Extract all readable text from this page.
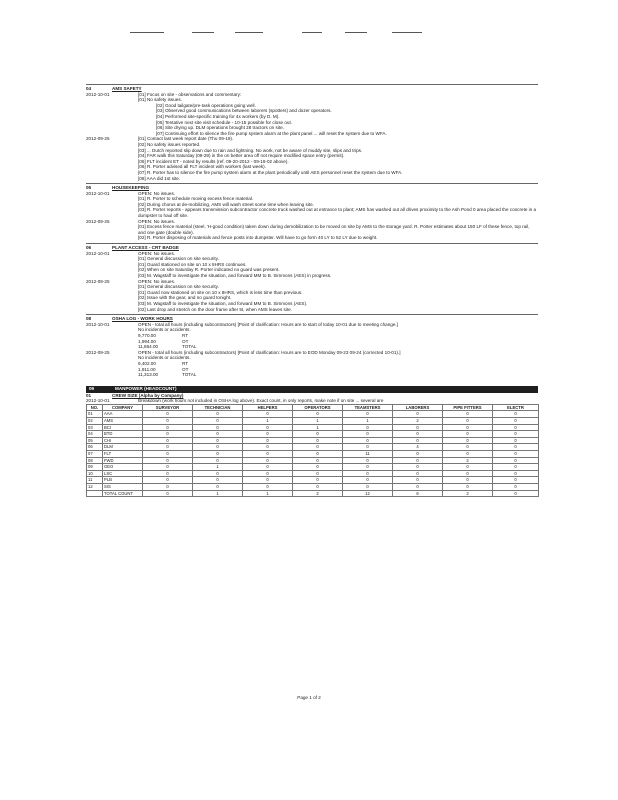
04	AMS SAFETY
2012-10-01	[01] Focus on site - observations and commentary:
[01] No safety issues.
[02] Good tailgate/pre-task operations going well.
[03] Observed good communications between laborers (spotters) and dozer operators.
[04] Performed site-specific training for 4x workers (by D. M).
[05] Tentative next site visit schedule - 10-15 possible for close out.
[06] Site drying up. DLM operations brought 28 tractors on site.
[07] Continuing effort to silence the fire pump system alarm at the plant panel ... will reset the system due to WFA.
2012-09-25	[01] Contact last week report date (Thu 09-19).
[02] No safety issues reported.
[03] ... Dutch reported slip down due to rain and lightning. No work, not be aware of muddy site, slips and trips.
[04] FAR walk this Saturday (09-29) in the on better area off not require modified space entry (permit).
[05] FLT incident ET - noted by results (ref. 09-20-2012 - 09-18-02 above).
[06] R. Porter advised all FLT incident with workers (last week).
[07] R. Porter has to silence the fire pump system alarm at the plant periodically until AES personnel reset the system due to WFA.
[08] AAA did 1st site.
05	HOUSEKEEPING
2012-10-01	OPEN: No issues.
[01] R. Porter to schedule moving excess fence material.
[02] During chorus at de-mobilizing, AMS will wash street some time when leaving site.
[03] R. Porter reports - appears transmission subcontractor concrete truck washed out at entrance to plant; AMS has washed out all drives proximity to the Ash Pond 0 area placed the concrete in a dumpster to haul off site.
2012-09-25	OPEN: No issues.
[01] Excess fence material (steel, 'H-good condition) taken down during demobilization to be moved on site by AMS to the storage yard. R. Porter estimates about 150 LF of these fence, top rail, and one gate (double side).
[02] R. Porter disposing of materials and fence posts into dumpster. Will have to go form 40 LY to 52 LY due to weight.
06	PLANT ACCESS - CRT BADGE
2012-10-01	OPEN: No issues.
[01] General discussion on site security.
[01] Guard stationed on site on 10 x 8HRS continues.
[02] When on site Saturday R. Porter indicated no guard was present.
[03] M. Wagstaff to investigate the situation, and forward MM to B. Simmons (AES) in progress.
2012-09-25	OPEN: No issues.
[01] General discussion on site security.
[01] Guard now stationed on site on 10 x 8HRS, which is less time than previous.
[02] Issue with the gear, and no guard tonight.
[03] M. Wagstaff to investigate the situation, and forward MM to B. Simmons (AES).
[02] Last drop and stretch on the door frame after 5t, when AMS leaves site.
08	OSHA LOG - WORK HOURS
2012-10-01	OPEN - total all hours (including subcontractors) [Point of clarification: Hours are to start of today 10-01 due to meeting change.]
No incidents or accidents.
9,770.00	RT
1,994.00	OT
11,864.00	TOTAL
2012-09-25	OPEN - total all hours (including subcontractors) [Point of clarification: Hours are to EOD Monday 09-23 09-24 (corrected 10-01).]
No incidents or accidents.
9,402.00	RT
1,911.00	OT
11,313.00	TOTAL
09	MANPOWER (HEADCOUNT)
01	CREW SIZE (Alpha by Company)
2012-10-01	Breakdown (work hours not included in OSHA log above). Exact count, in only reports, make note if on site ... several are
NO.	COMPANY	SURVEYOR	TECHNICIAN	HELPERS	OPERATORS	TEAMSTERS	LABORERS	PIPE FITTERS	ELECTR
01	AAA	0	0	0	0	0	0	0	0
02	AMS	0	0	1	1	1	2	0	0
03	BCI	0	0	0	1	0	0	0	0
04	BTD	0	0	0	0	0	0	0	0
05	CHI	0	0	0	0	0	0	0	0
06	DLM	0	0	0	0	0	4	0	0
07	FLT	0	0	0	0	11	0	0	0
08	FWD	0	0	0	0	0	0	2	0
09	GEO	0	1	0	0	0	0	0	0
10	LSC	0	0	0	0	0	0	0	0
11	PLB	0	0	0	0	0	0	0	0
12	SIS	0	0	0	0	0	0	0	0
	TOTAL COUNT	0	1	1	2	12	6	2	0
Page 1 of 2
